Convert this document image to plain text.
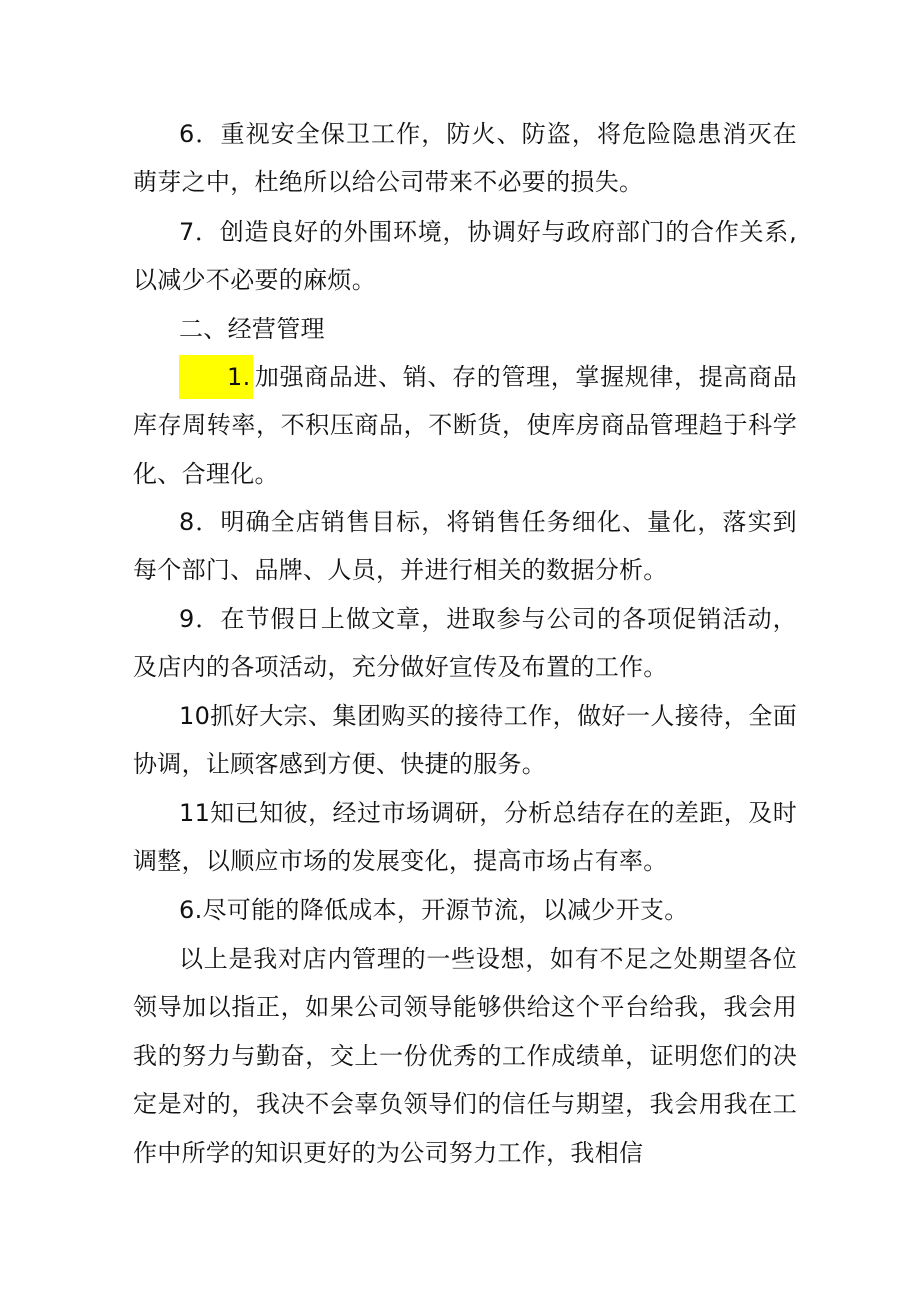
6．重视安全保卫工作，防火、防盗，将危险隐患消灭在萌芽之中，杜绝所以给公司带来不必要的损失。

7．创造良好的外围环境，协调好与政府部门的合作关系,以减少不必要的麻烦。

二、经营管理

1. 加强商品进、销、存的管理，掌握规律，提高商品库存周转率，不积压商品，不断货，使库房商品管理趋于科学化、合理化。

8．明确全店销售目标，将销售任务细化、量化，落实到每个部门、品牌、人员，并进行相关的数据分析。

9．在节假日上做文章，进取参与公司的各项促销活动，及店内的各项活动，充分做好宣传及布置的工作。

10抓好大宗、集团购买的接待工作，做好一人接待，全面协调，让顾客感到方便、快捷的服务。

11知已知彼，经过市场调研，分析总结存在的差距，及时调整，以顺应市场的发展变化，提高市场占有率。

6.尽可能的降低成本，开源节流，以减少开支。

以上是我对店内管理的一些设想，如有不足之处期望各位领导加以指正，如果公司领导能够供给这个平台给我，我会用我的努力与勤奋，交上一份优秀的工作成绩单，证明您们的决定是对的，我决不会辜负领导们的信任与期望，我会用我在工作中所学的知识更好的为公司努力工作，我相信
